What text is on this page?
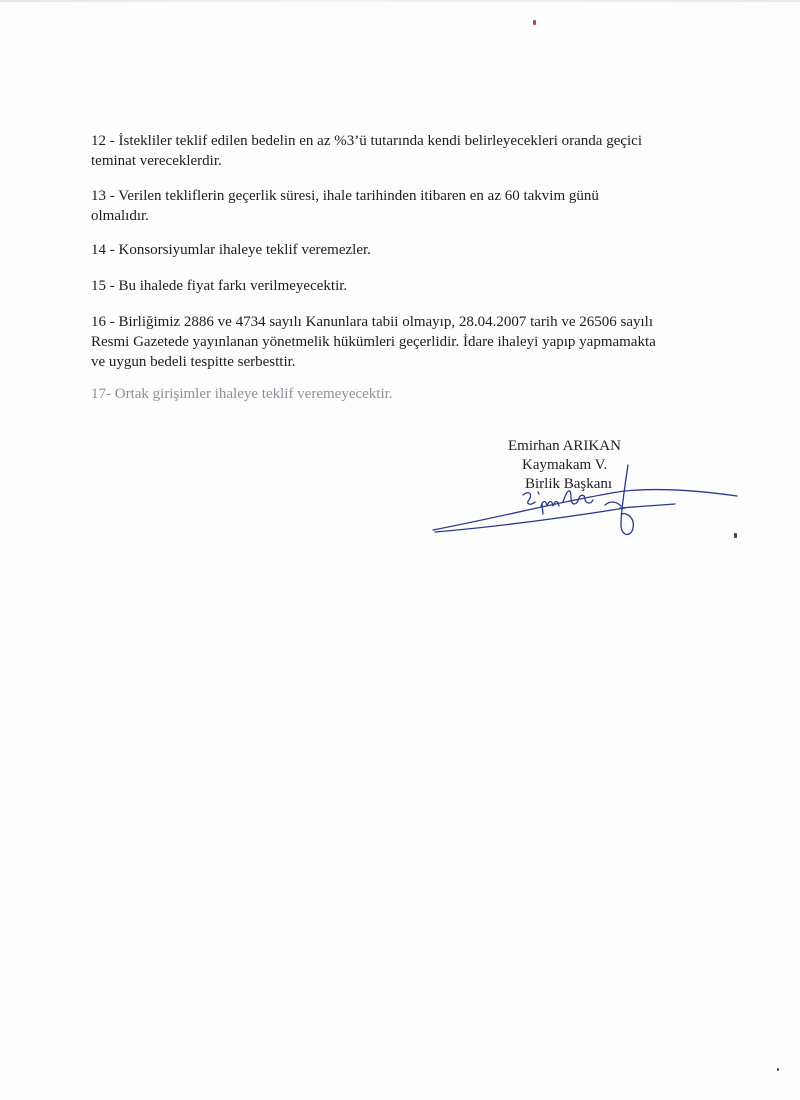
12 - İstekliler teklif edilen bedelin en az %3’ü tutarında kendi belirleyecekleri oranda geçici
teminat vereceklerdir.

13 - Verilen tekliflerin geçerlik süresi, ihale tarihinden itibaren en az 60 takvim günü
olmalıdır.

14 - Konsorsiyumlar ihaleye teklif veremezler.

15 - Bu ihalede fiyat farkı verilmeyecektir.

16 - Birliğimiz 2886 ve 4734 sayılı Kanunlara tabii olmayıp, 28.04.2007 tarih ve 26506 sayılı
Resmi Gazetede yayınlanan yönetmelik hükümleri geçerlidir. İdare ihaleyi yapıp yapmamakta
ve uygun bedeli tespitte serbesttir.

17- Ortak girişimler ihaleye teklif veremeyecektir.

Emirhan ARIKAN
Kaymakam V.
Birlik Başkanı
